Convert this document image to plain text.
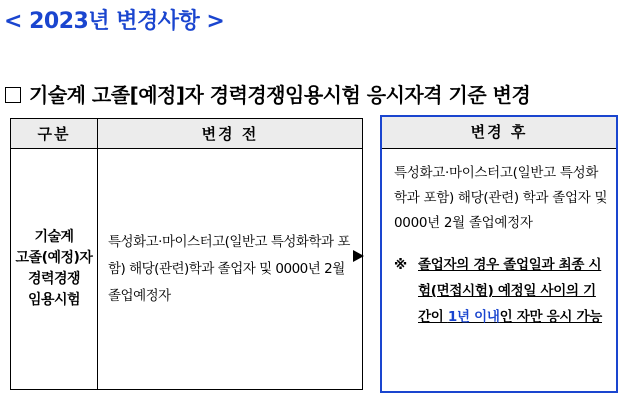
< 2023년 변경사항 >
기술계 고졸[예정]자 경력경쟁임용시험 응시자격 기준 변경
구분	변경 전

기술계
고졸(예정)자
경력경쟁
임용시험	특성화고·마이스터고(일반고 특성화학과 포함) 해당(관련)학과 졸업자 및 0000년 2월 졸업예정자
변경 후
특성화고·마이스터고(일반고 특성화학과 포함) 해당(관련) 학과 졸업자 및 0000년 2월 졸업예정자
※ 졸업자의 경우 졸업일과 최종 시험(면접시험) 예정일 사이의 기간이 1년 이내인 자만 응시 가능
